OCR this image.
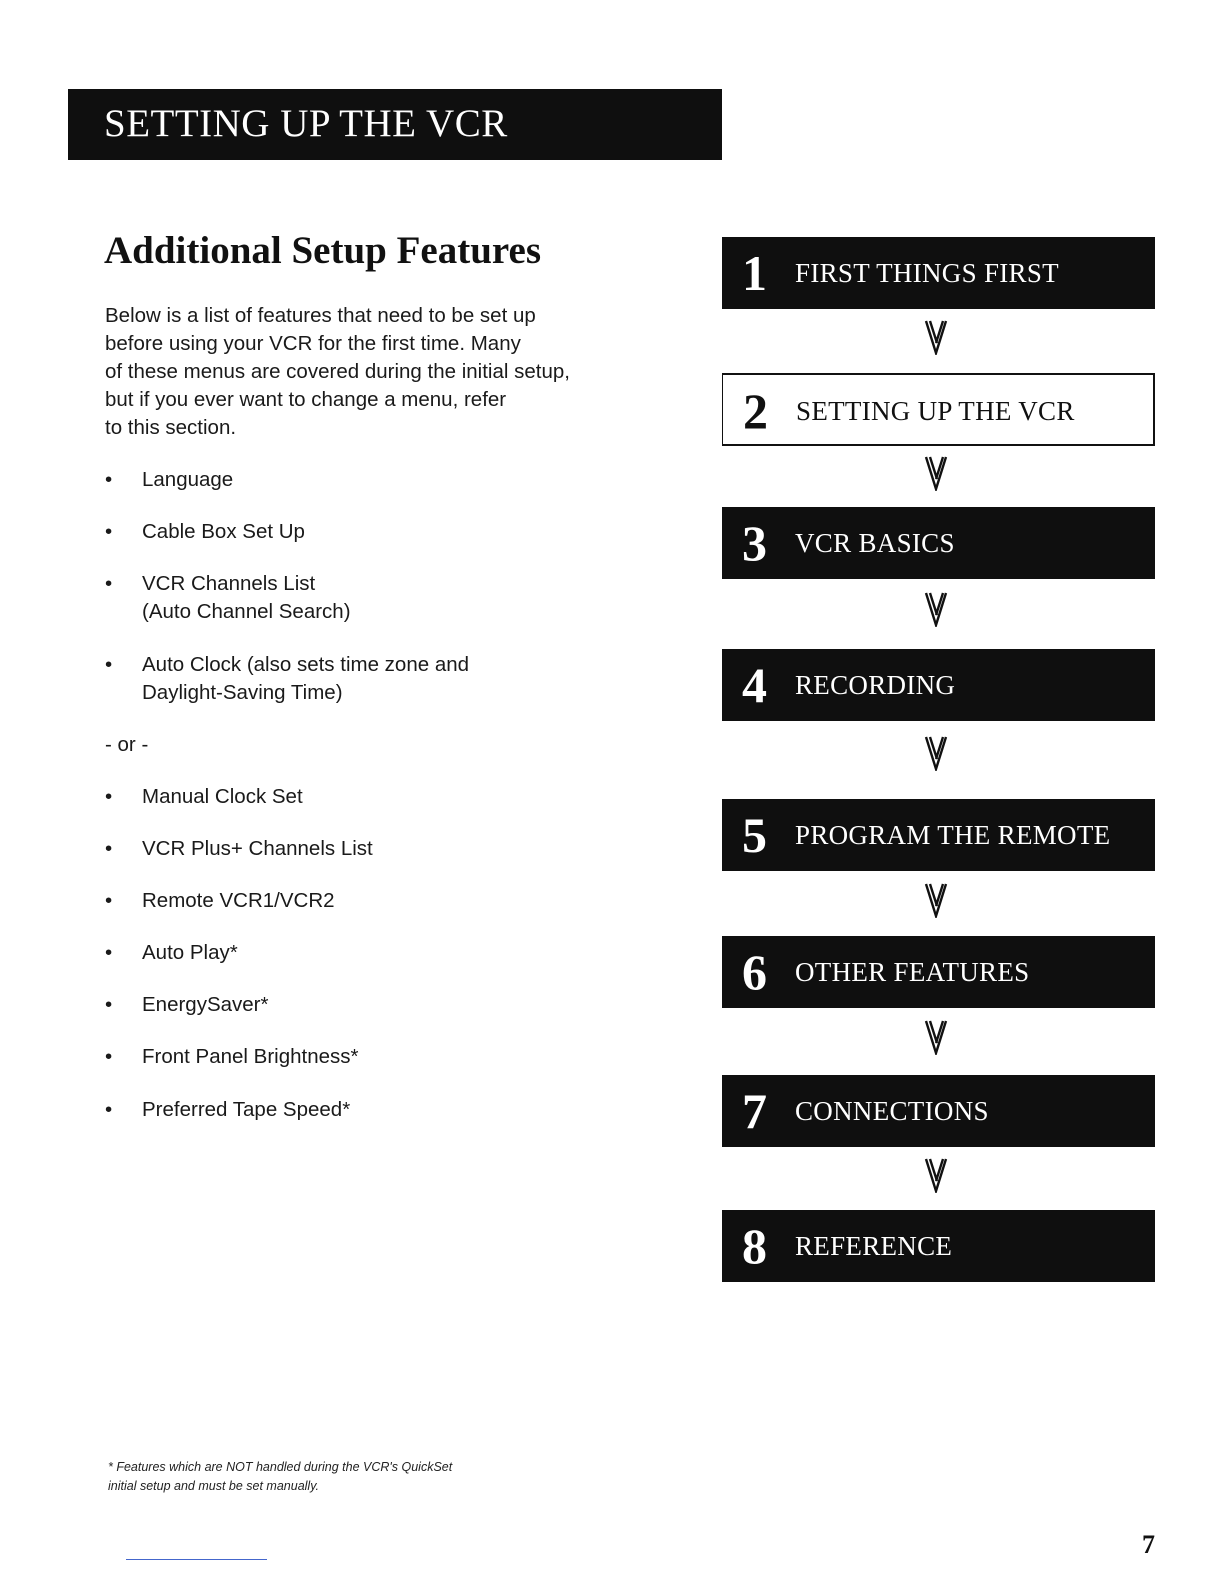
SETTING UP THE VCR
Additional Setup Features
Below is a list of features that need to be set up
before using your VCR for the first time. Many
of these menus are covered during the initial setup,
but if you ever want to change a menu, refer
to this section.
• Language
• Cable Box Set Up
• VCR Channels List
(Auto Channel Search)
• Auto Clock (also sets time zone and
Daylight-Saving Time)
- or -
• Manual Clock Set
• VCR Plus+ Channels List
• Remote VCR1/VCR2
• Auto Play*
• EnergySaver*
• Front Panel Brightness*
• Preferred Tape Speed*
1 FIRST THINGS FIRST
2 SETTING UP THE VCR
3 VCR BASICS
4 RECORDING
5 PROGRAM THE REMOTE
6 OTHER FEATURES
7 CONNECTIONS
8 REFERENCE
* Features which are NOT handled during the VCR's QuickSet
initial setup and must be set manually.
7
